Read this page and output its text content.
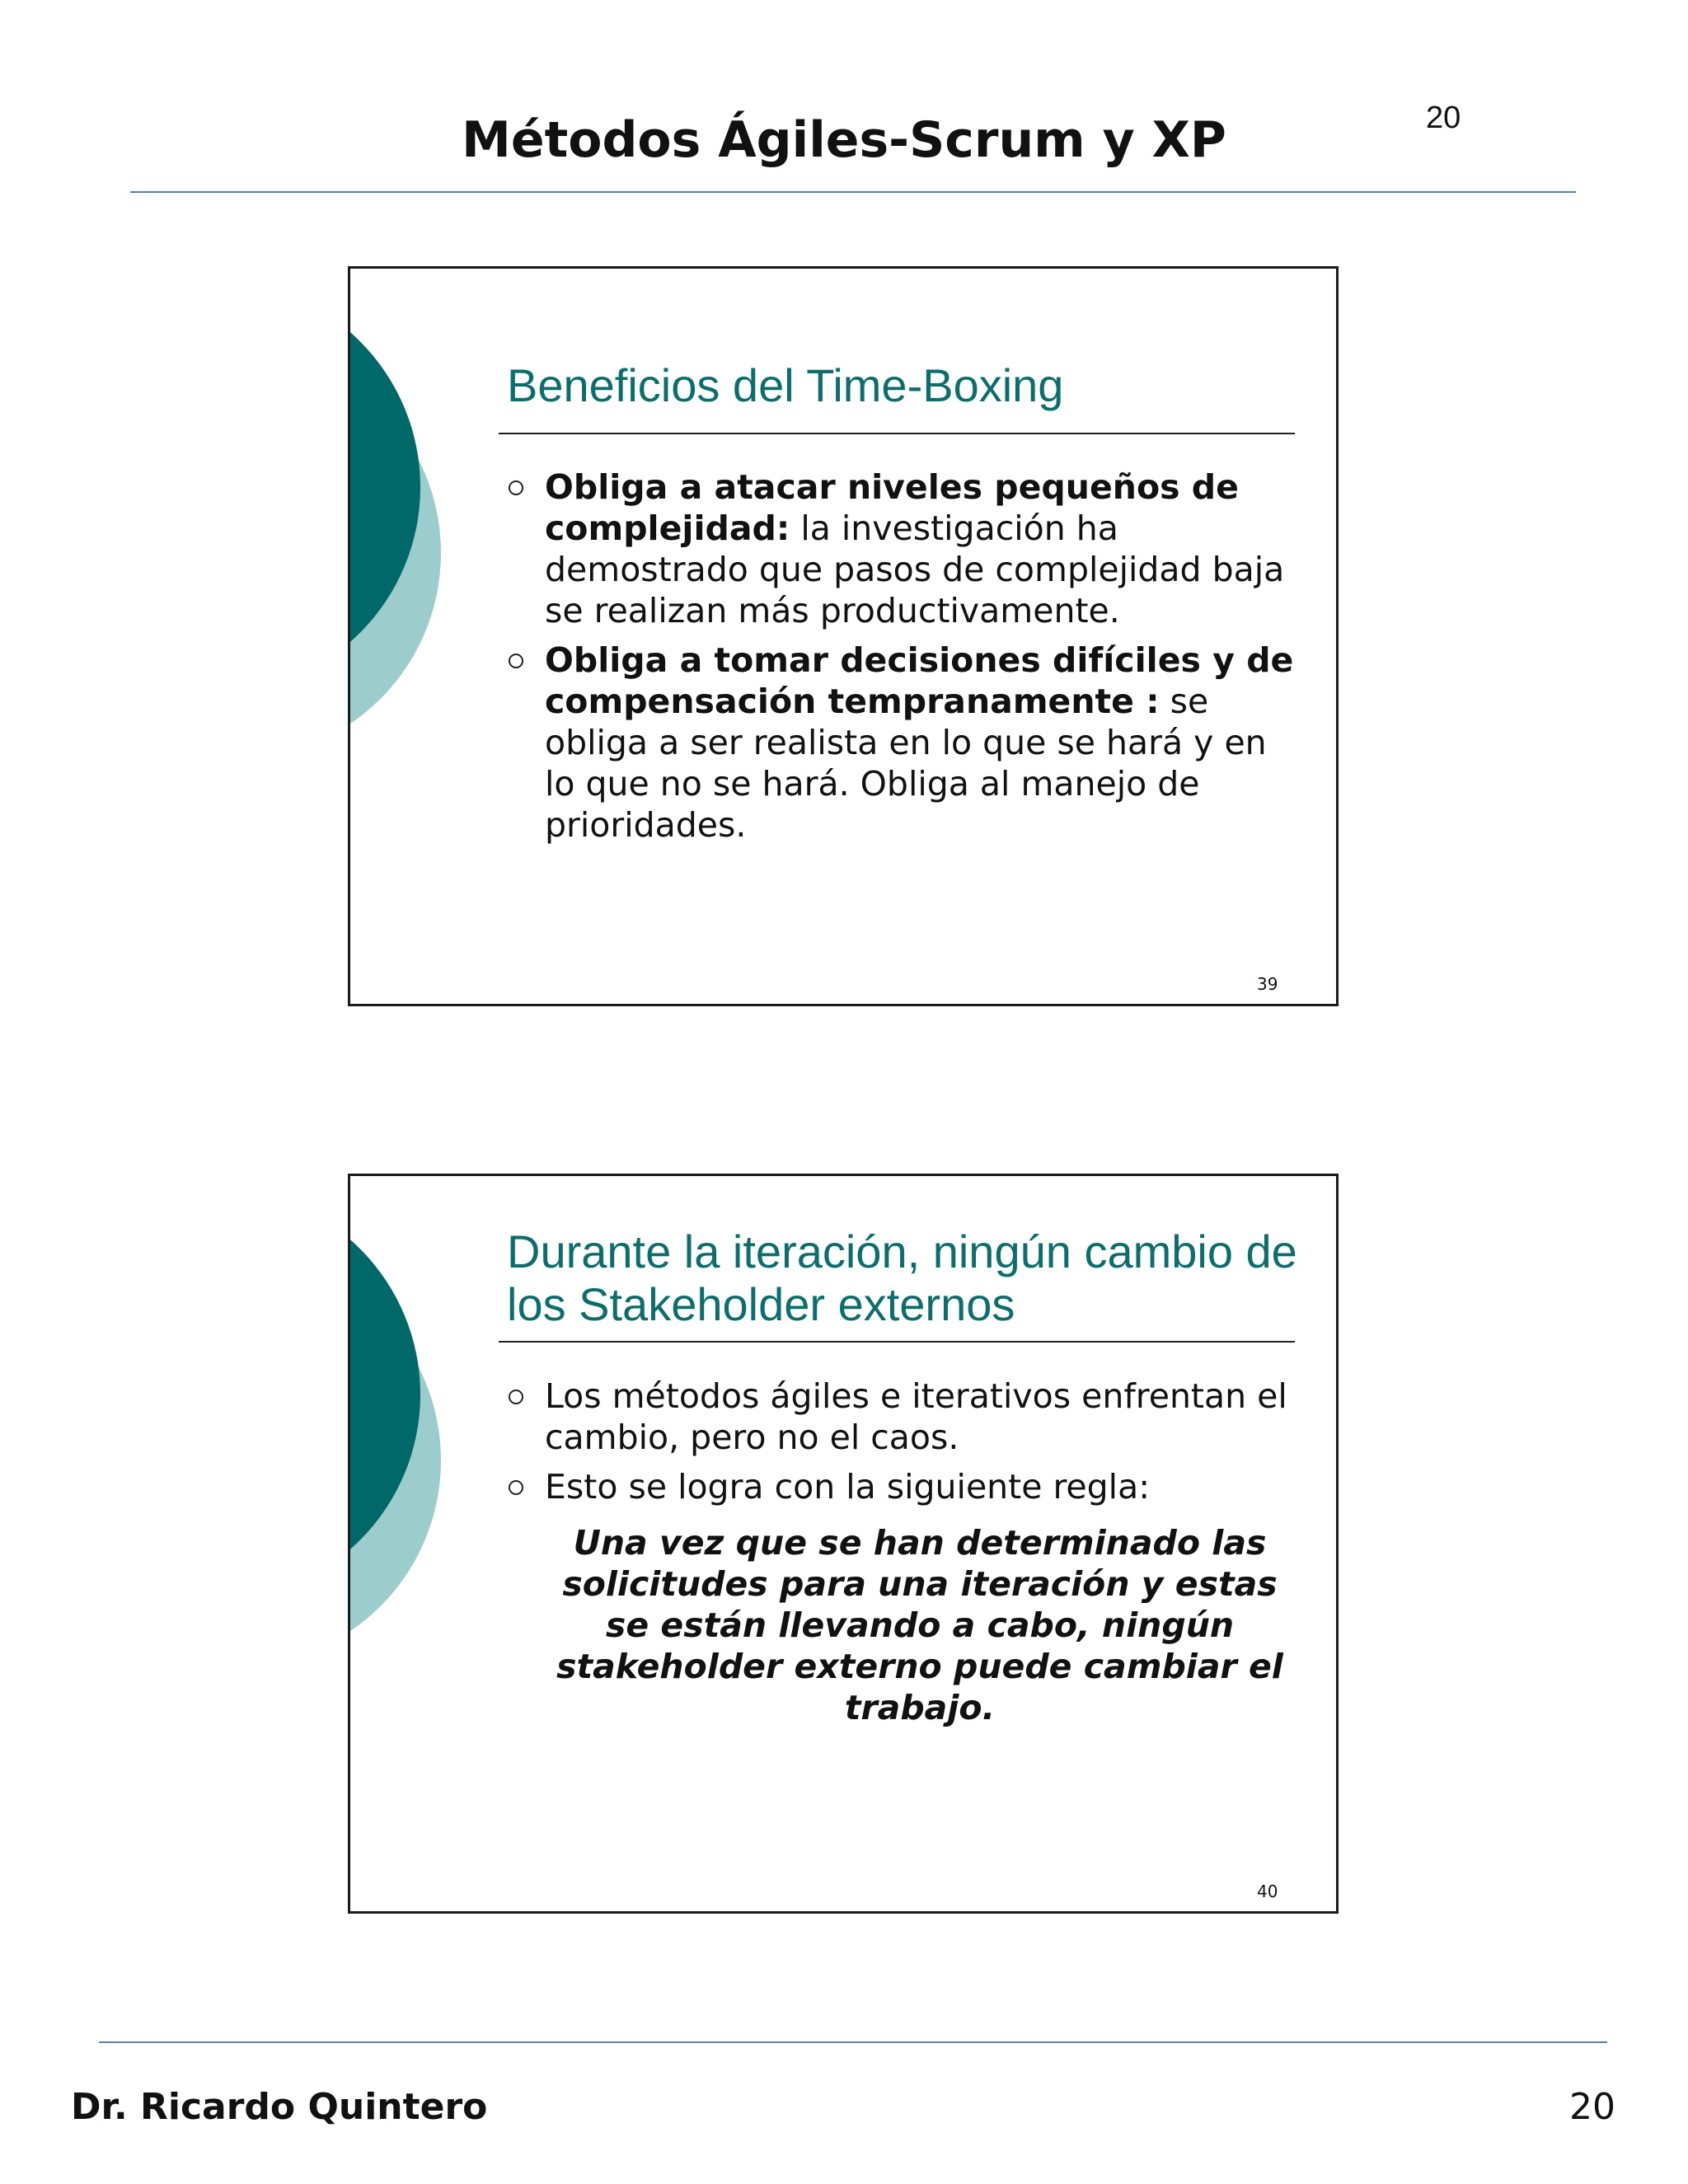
Métodos Ágiles-Scrum y XP	20
Beneficios del Time-Boxing
Obliga a atacar niveles pequeños de complejidad: la investigación ha demostrado que pasos de complejidad baja se realizan más productivamente.
Obliga a tomar decisiones difíciles y de compensación tempranamente : se obliga a ser realista en lo que se hará y en lo que no se hará. Obliga al manejo de prioridades.
39
Durante la iteración, ningún cambio de los Stakeholder externos
Los métodos ágiles e iterativos enfrentan el cambio, pero no el caos.
Esto se logra con la siguiente regla:
Una vez que se han determinado las solicitudes para una iteración y estas se están llevando a cabo, ningún stakeholder externo puede cambiar el trabajo.
40
Dr. Ricardo Quintero	20
